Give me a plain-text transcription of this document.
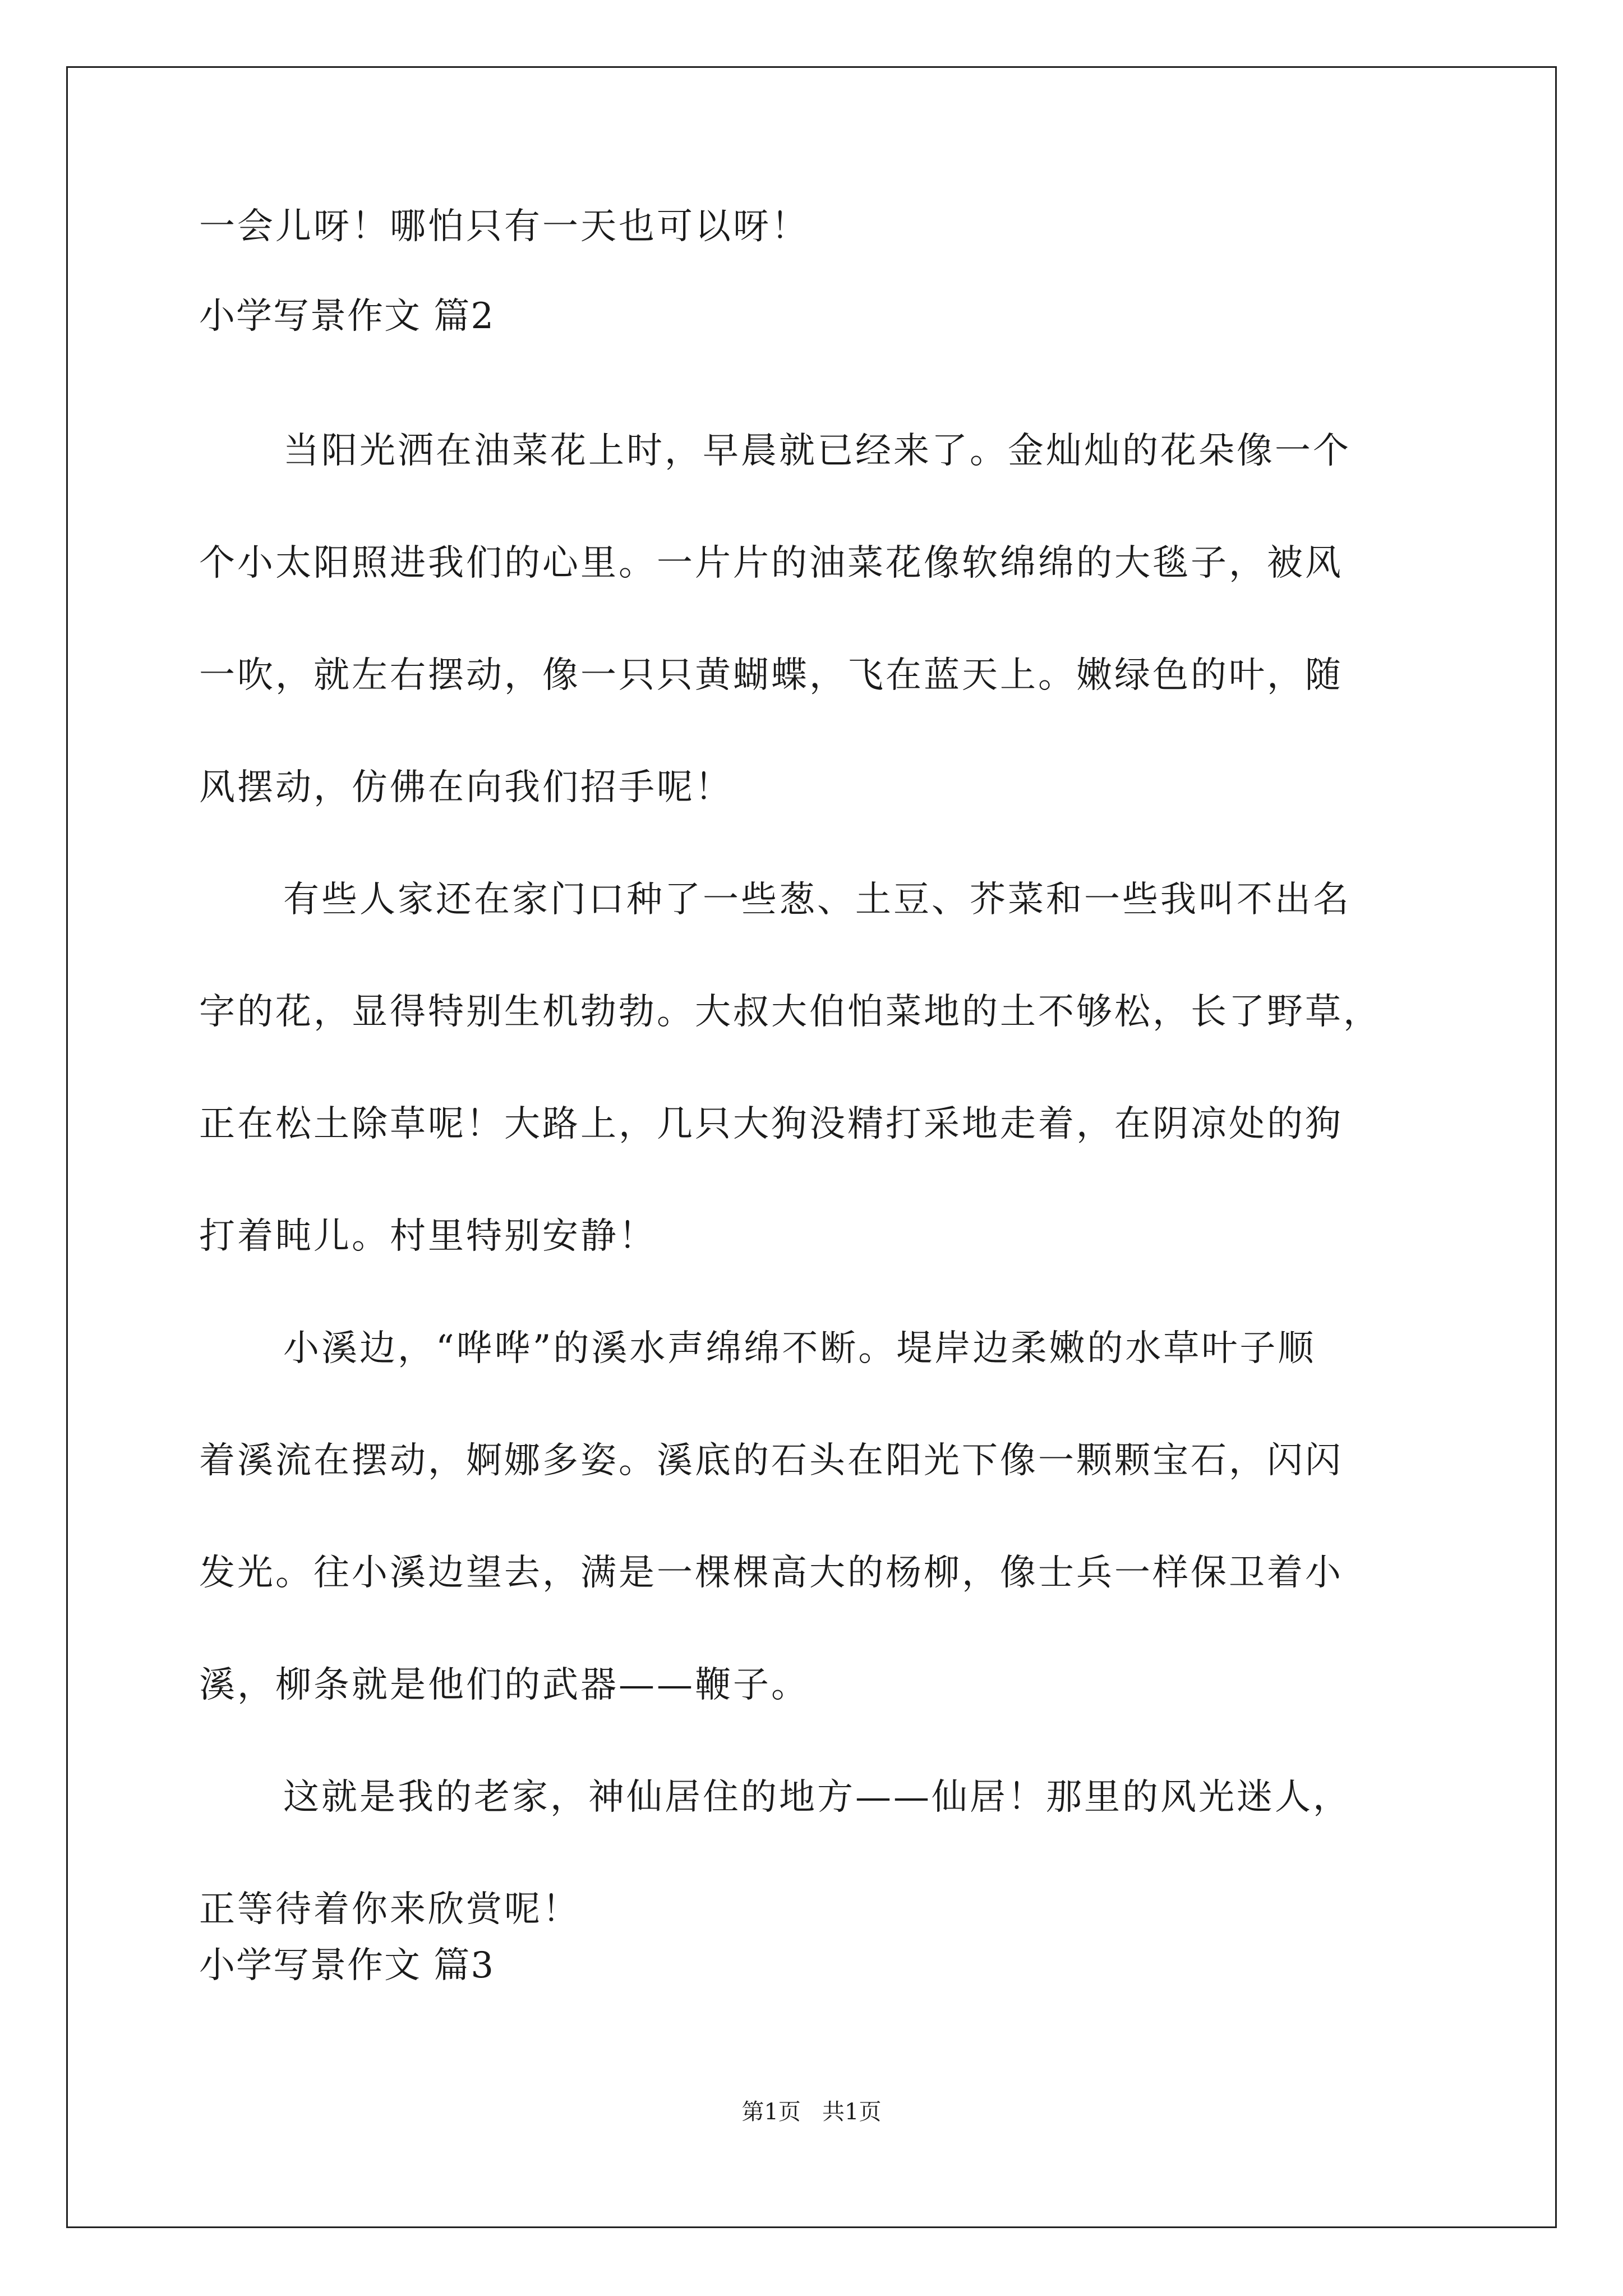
一会儿呀！哪怕只有一天也可以呀！
小学写景作文 篇2
当阳光洒在油菜花上时，早晨就已经来了。金灿灿的花朵像一个
个小太阳照进我们的心里。一片片的油菜花像软绵绵的大毯子，被风
一吹，就左右摆动，像一只只黄蝴蝶，飞在蓝天上。嫩绿色的叶，随
风摆动，仿佛在向我们招手呢！
有些人家还在家门口种了一些葱、土豆、芥菜和一些我叫不出名
字的花，显得特别生机勃勃。大叔大伯怕菜地的土不够松，长了野草，
正在松土除草呢！大路上，几只大狗没精打采地走着，在阴凉处的狗
打着盹儿。村里特别安静！
小溪边，“哗哗”的溪水声绵绵不断。堤岸边柔嫩的水草叶子顺
着溪流在摆动，婀娜多姿。溪底的石头在阳光下像一颗颗宝石，闪闪
发光。往小溪边望去，满是一棵棵高大的杨柳，像士兵一样保卫着小
溪，柳条就是他们的武器——鞭子。
这就是我的老家，神仙居住的地方——仙居！那里的风光迷人，
正等待着你来欣赏呢！
小学写景作文 篇3
第1页   共1页
